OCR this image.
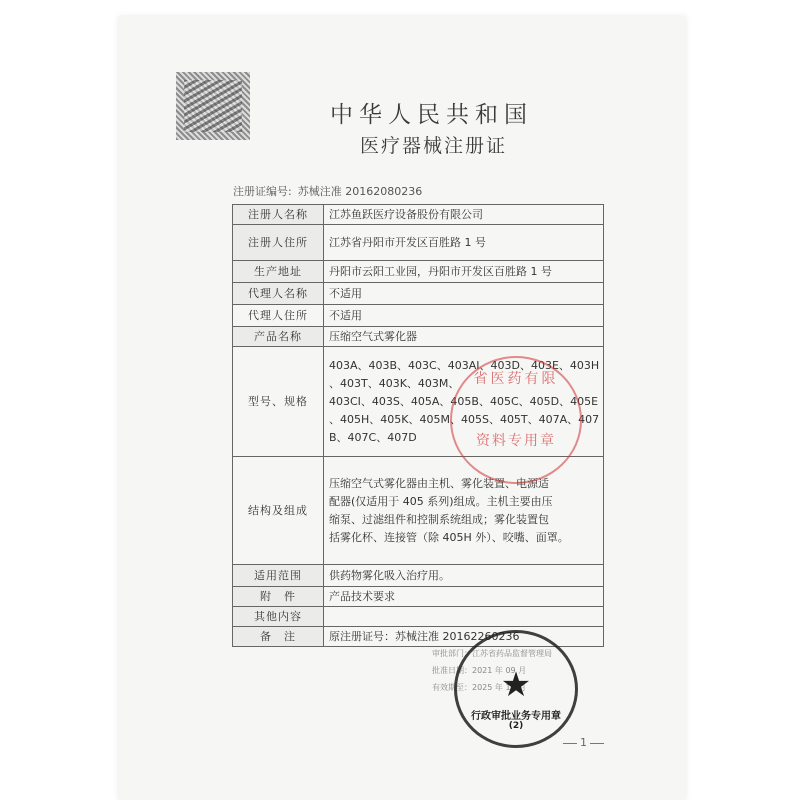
中华人民共和国
医疗器械注册证
注册证编号: 苏械注准 20162080236
注册人名称	江苏鱼跃医疗设备股份有限公司
注册人住所	江苏省丹阳市开发区百胜路 1 号
生产地址	丹阳市云阳工业园，丹阳市开发区百胜路 1 号
代理人名称	不适用
代理人住所	不适用
产品名称	压缩空气式雾化器
型号、规格	403A、403B、403C、403AI、403D、403E、403H
、403T、403K、403M、
403CI、403S、405A、405B、405C、405D、405E
、405H、405K、405M、405S、405T、407A、407
B、407C、407D

结构及组成	压缩空气式雾化器由主机、雾化装置、电源适
配器(仅适用于 405 系列)组成。主机主要由压
缩泵、过滤组件和控制系统组成；雾化装置包
括雾化杯、连接管（除 405H 外）、咬嘴、面罩。

适用范围	供药物雾化吸入治疗用。
附　件	产品技术要求
其他内容	
备　注	原注册证号：苏械注准 20162260236
省医药有限
资料专用章
审批部门：江苏省药品监督管理局
批准日期：2021 年 09 月
有效期至：2025 年 12 月
★
行政审批业务专用章
(2)
1
